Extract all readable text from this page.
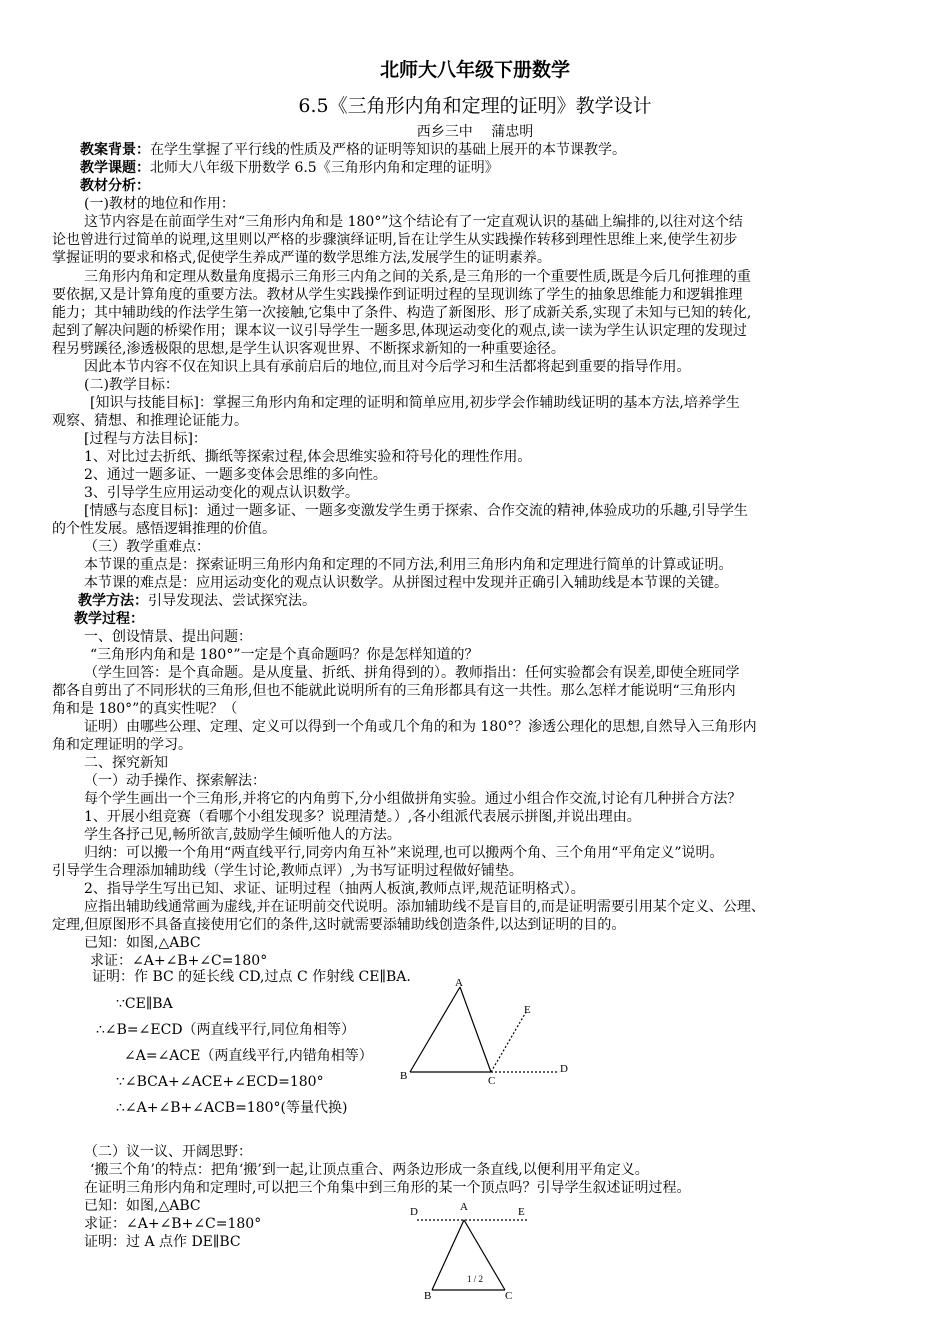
北师大八年级下册数学
6.5《三角形内角和定理的证明》教学设计
西乡三中　 蒲忠明
教案背景：在学生掌握了平行线的性质及严格的证明等知识的基础上展开的本节课教学。
教学课题：北师大八年级下册数学 6.5《三角形内角和定理的证明》
教材分析：
(一)教材的地位和作用：
这节内容是在前面学生对“三角形内角和是 180°”这个结论有了一定直观认识的基础上编排的,以往对这个结
论也曾进行过简单的说理,这里则以严格的步骤演绎证明,旨在让学生从实践操作转移到理性思维上来,使学生初步
掌握证明的要求和格式,促使学生养成严谨的数学思维方法,发展学生的证明素养。
三角形内角和定理从数量角度揭示三角形三内角之间的关系,是三角形的一个重要性质,既是今后几何推理的重
要依据,又是计算角度的重要方法。教材从学生实践操作到证明过程的呈现训练了学生的抽象思维能力和逻辑推理
能力；其中辅助线的作法学生第一次接触,它集中了条件、构造了新图形、形了成新关系,实现了未知与已知的转化,
起到了解决问题的桥梁作用；课本议一议引导学生一题多思,体现运动变化的观点,读一读为学生认识定理的发现过
程另劈蹊径,渗透极限的思想,是学生认识客观世界、不断探求新知的一种重要途径。
因此本节内容不仅在知识上具有承前启后的地位,而且对今后学习和生活都将起到重要的指导作用。
(二)教学目标：
[知识与技能目标]：掌握三角形内角和定理的证明和简单应用,初步学会作辅助线证明的基本方法,培养学生
观察、猜想、和推理论证能力。
[过程与方法目标]：
1、对比过去折纸、撕纸等探索过程,体会思维实验和符号化的理性作用。
2、通过一题多证、一题多变体会思维的多向性。
3、引导学生应用运动变化的观点认识数学。
[情感与态度目标]：通过一题多证、一题多变激发学生勇于探索、合作交流的精神,体验成功的乐趣,引导学生
的个性发展。感悟逻辑推理的价值。
（三）教学重难点：
本节课的重点是：探索证明三角形内角和定理的不同方法,利用三角形内角和定理进行简单的计算或证明。
本节课的难点是：应用运动变化的观点认识数学。从拼图过程中发现并正确引入辅助线是本节课的关键。
教学方法：引导发现法、尝试探究法。
教学过程：
一、创设情景、提出问题：
“三角形内角和是 180°”一定是个真命题吗？你是怎样知道的？
（学生回答：是个真命题。是从度量、折纸、拼角得到的）。教师指出：任何实验都会有误差,即使全班同学
都各自剪出了不同形状的三角形,但也不能就此说明所有的三角形都具有这一共性。那么怎样才能说明“三角形内
角和是 180°”的真实性呢？（
证明）由哪些公理、定理、定义可以得到一个角或几个角的和为 180°？渗透公理化的思想,自然导入三角形内
角和定理证明的学习。
二、探究新知
（一）动手操作、探索解法：
每个学生画出一个三角形,并将它的内角剪下,分小组做拼角实验。通过小组合作交流,讨论有几种拼合方法？
1、开展小组竞赛（看哪个小组发现多？说理清楚。）,各小组派代表展示拼图,并说出理由。
学生各抒己见,畅所欲言,鼓励学生倾听他人的方法。
归纳：可以搬一个角用“两直线平行,同旁内角互补”来说理,也可以搬两个角、三个角用“平角定义”说明。
引导学生合理添加辅助线（学生讨论,教师点评）,为书写证明过程做好铺垫。
2、指导学生写出已知、求证、证明过程（抽两人板演,教师点评,规范证明格式）。
应指出辅助线通常画为虚线,并在证明前交代说明。添加辅助线不是盲目的,而是证明需要引用某个定义、公理、
定理,但原图形不具备直接使用它们的条件,这时就需要添辅助线创造条件,以达到证明的目的。
已知：如图,△ABC
求证：∠A+∠B+∠C=180°
证明：作 BC 的延长线 CD,过点 C 作射线 CE∥BA.
∵CE∥BA
∴∠B=∠ECD（两直线平行,同位角相等）
∠A=∠ACE（两直线平行,内错角相等）
∵∠BCA+∠ACE+∠ECD=180°
∴∠A+∠B+∠ACB=180°(等量代换)
A
B	C
D
E
（二）议一议、开阔思野：
‘搬三个角’的特点：把角‘搬’到一起,让顶点重合、两条边形成一条直线,以便利用平角定义。
在证明三角形内角和定理时,可以把三个角集中到三角形的某一个顶点吗？引导学生叙述证明过程。
已知：如图,△ABC
求证：∠A+∠B+∠C=180°
证明：过 A 点作 DE∥BC
D	A	E
B	C
1 / 2
